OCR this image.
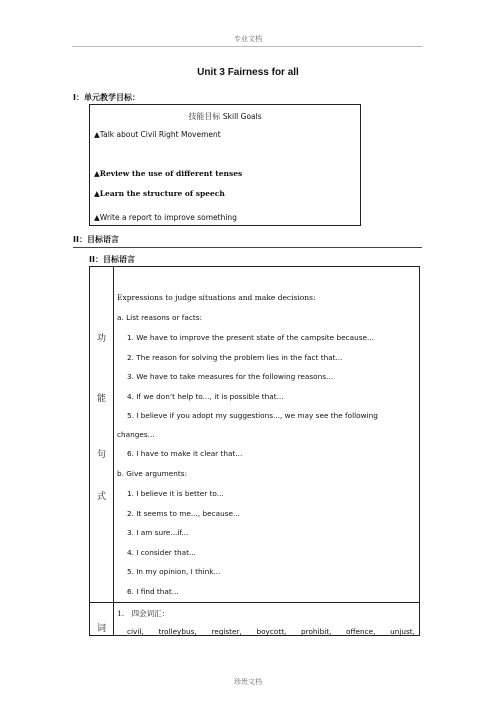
专业文档
Unit 3 Fairness for all
I：单元教学目标：
技能目标 Skill Goals
▲Talk about Civil Right Movement
▲Review the use of different tenses
▲Learn the structure of speech
▲Write a report to improve something
II：目标语言
II：目标语言
功
能
句
式
词
Expressions to judge situations and make decisions:
a. List reasons or facts:
1. We have to improve the present state of the campsite because...
2. The reason for solving the problem lies in the fact that...
3. We have to take measures for the following reasons...
4. If we don’t help to..., it is possible that...
5. I believe if you adopt my suggestions..., we may see the following
changes...
6. I have to make it clear that...
b. Give arguments:
1. I believe it is better to...
2. It seems to me..., because...
3. I am sure...if...
4. I consider that...
5. In my opinion, I think...
6. I find that...
1.　四会词汇：
civil, trolleybus, register, boycott, prohibit, offence, unjust,
珍贵文档
